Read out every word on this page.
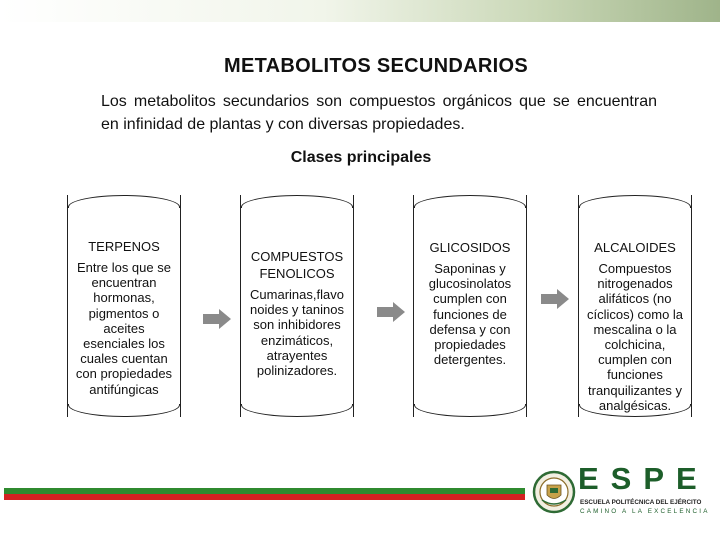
METABOLITOS SECUNDARIOS

Los metabolitos secundarios son compuestos orgánicos que se encuentran en infinidad de plantas y con diversas propiedades.

Clases principales
TERPENOS
Entre los que se encuentran hormonas, pigmentos o aceites esenciales los cuales cuentan con propiedades antifúngicas
COMPUESTOS FENOLICOS
Cumarinas,flavo noides y taninos son inhibidores enzimáticos, atrayentes polinizadores.
GLICOSIDOS
Saponinas y glucosinolatos cumplen con funciones de defensa y con propiedades detergentes.
ALCALOIDES
Compuestos nitrogenados alifáticos (no cíclicos) como la mescalina o la colchicina, cumplen con funciones tranquilizantes y analgésicas.
ESPE
ESCUELA POLITÉCNICA DEL EJÉRCITO
CAMINO A LA EXCELENCIA
